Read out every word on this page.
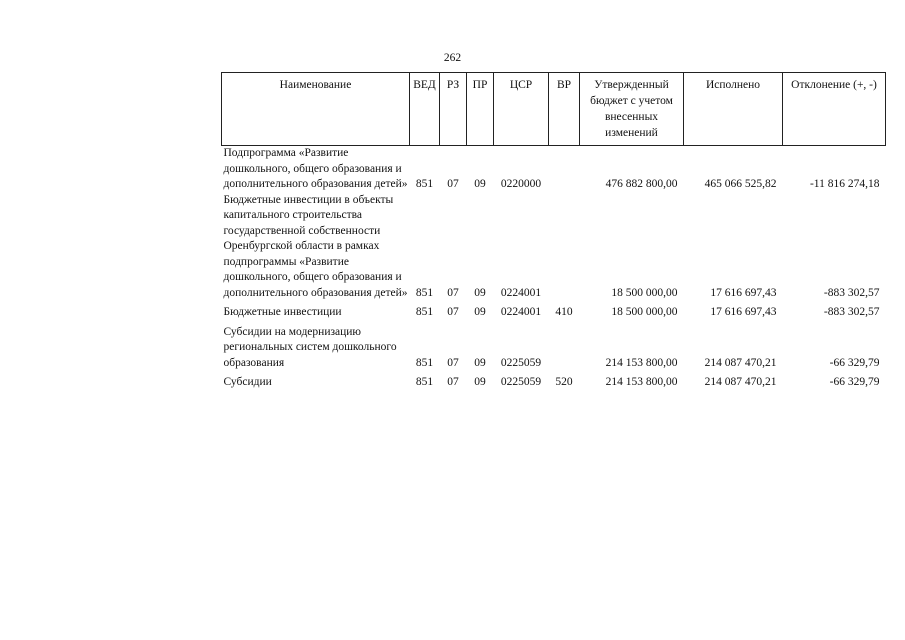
262
Наименование	ВЕД	РЗ	ПР	ЦСР	ВР	Утвержденный бюджет с учетом внесенных изменений	Исполнено	Отклонение (+, -)
Подпрограмма «Развитие дошкольного, общего образования и дополнительного образования детей»	851	07	09	0220000		476 882 800,00	465 066 525,82	-11 816 274,18
Бюджетные инвестиции в объекты капитального строительства государственной собственности Оренбургской области в рамках подпрограммы «Развитие дошкольного, общего образования и дополнительного образования детей»	851	07	09	0224001		18 500 000,00	17 616 697,43	-883 302,57
Бюджетные инвестиции	851	07	09	0224001	410	18 500 000,00	17 616 697,43	-883 302,57
Субсидии на модернизацию региональных систем дошкольного образования	851	07	09	0225059		214 153 800,00	214 087 470,21	-66 329,79
Субсидии	851	07	09	0225059	520	214 153 800,00	214 087 470,21	-66 329,79
